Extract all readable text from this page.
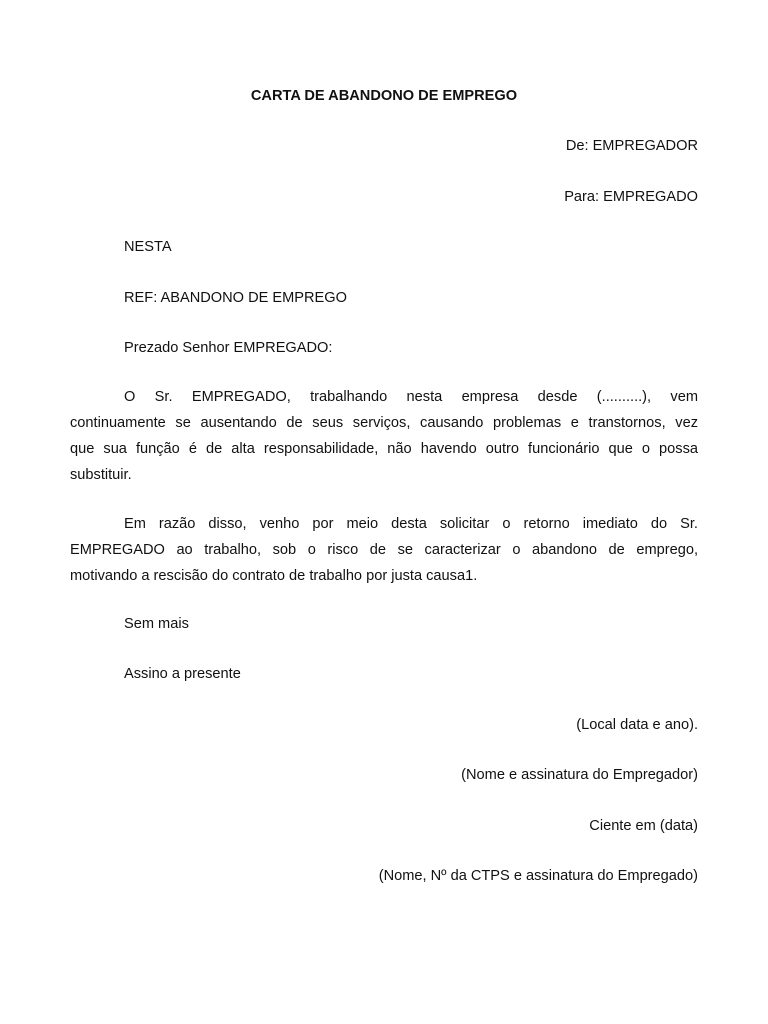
CARTA DE ABANDONO DE EMPREGO
De: EMPREGADOR
Para: EMPREGADO
NESTA
REF: ABANDONO DE EMPREGO
Prezado Senhor EMPREGADO:
O Sr. EMPREGADO, trabalhando nesta empresa desde (..........), vem
continuamente se ausentando de seus serviços, causando problemas e transtornos, vez
que sua função é de alta responsabilidade, não havendo outro funcionário que o possa
substituir.
Em razão disso, venho por meio desta solicitar o retorno imediato do Sr.
EMPREGADO ao trabalho, sob o risco de se caracterizar o abandono de emprego,
motivando a rescisão do contrato de trabalho por justa causa1.
Sem mais
Assino a presente
(Local data e ano).
(Nome e assinatura do Empregador)
Ciente em (data)
(Nome, Nº da CTPS e assinatura do Empregado)
